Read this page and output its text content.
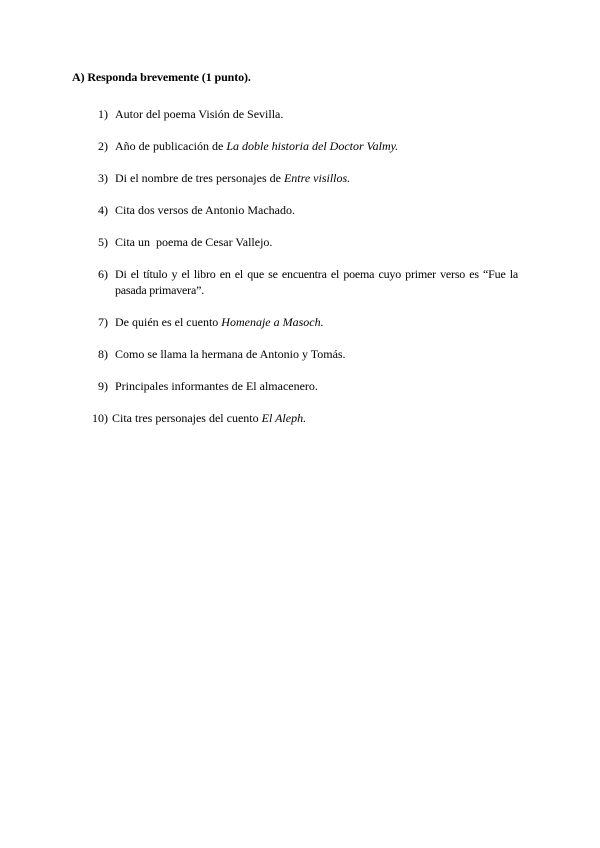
A) Responda brevemente (1 punto).

1) Autor del poema Visión de Sevilla.
2) Año de publicación de La doble historia del Doctor Valmy.
3) Di el nombre de tres personajes de Entre visillos.
4) Cita dos versos de Antonio Machado.
5) Cita un  poema de Cesar Vallejo.
6) Di el título y el libro en el que se encuentra el poema cuyo primer verso es “Fue la pasada primavera”.
7) De quién es el cuento Homenaje a Masoch.
8) Como se llama la hermana de Antonio y Tomás.
9) Principales informantes de El almacenero.
10) Cita tres personajes del cuento El Aleph.
